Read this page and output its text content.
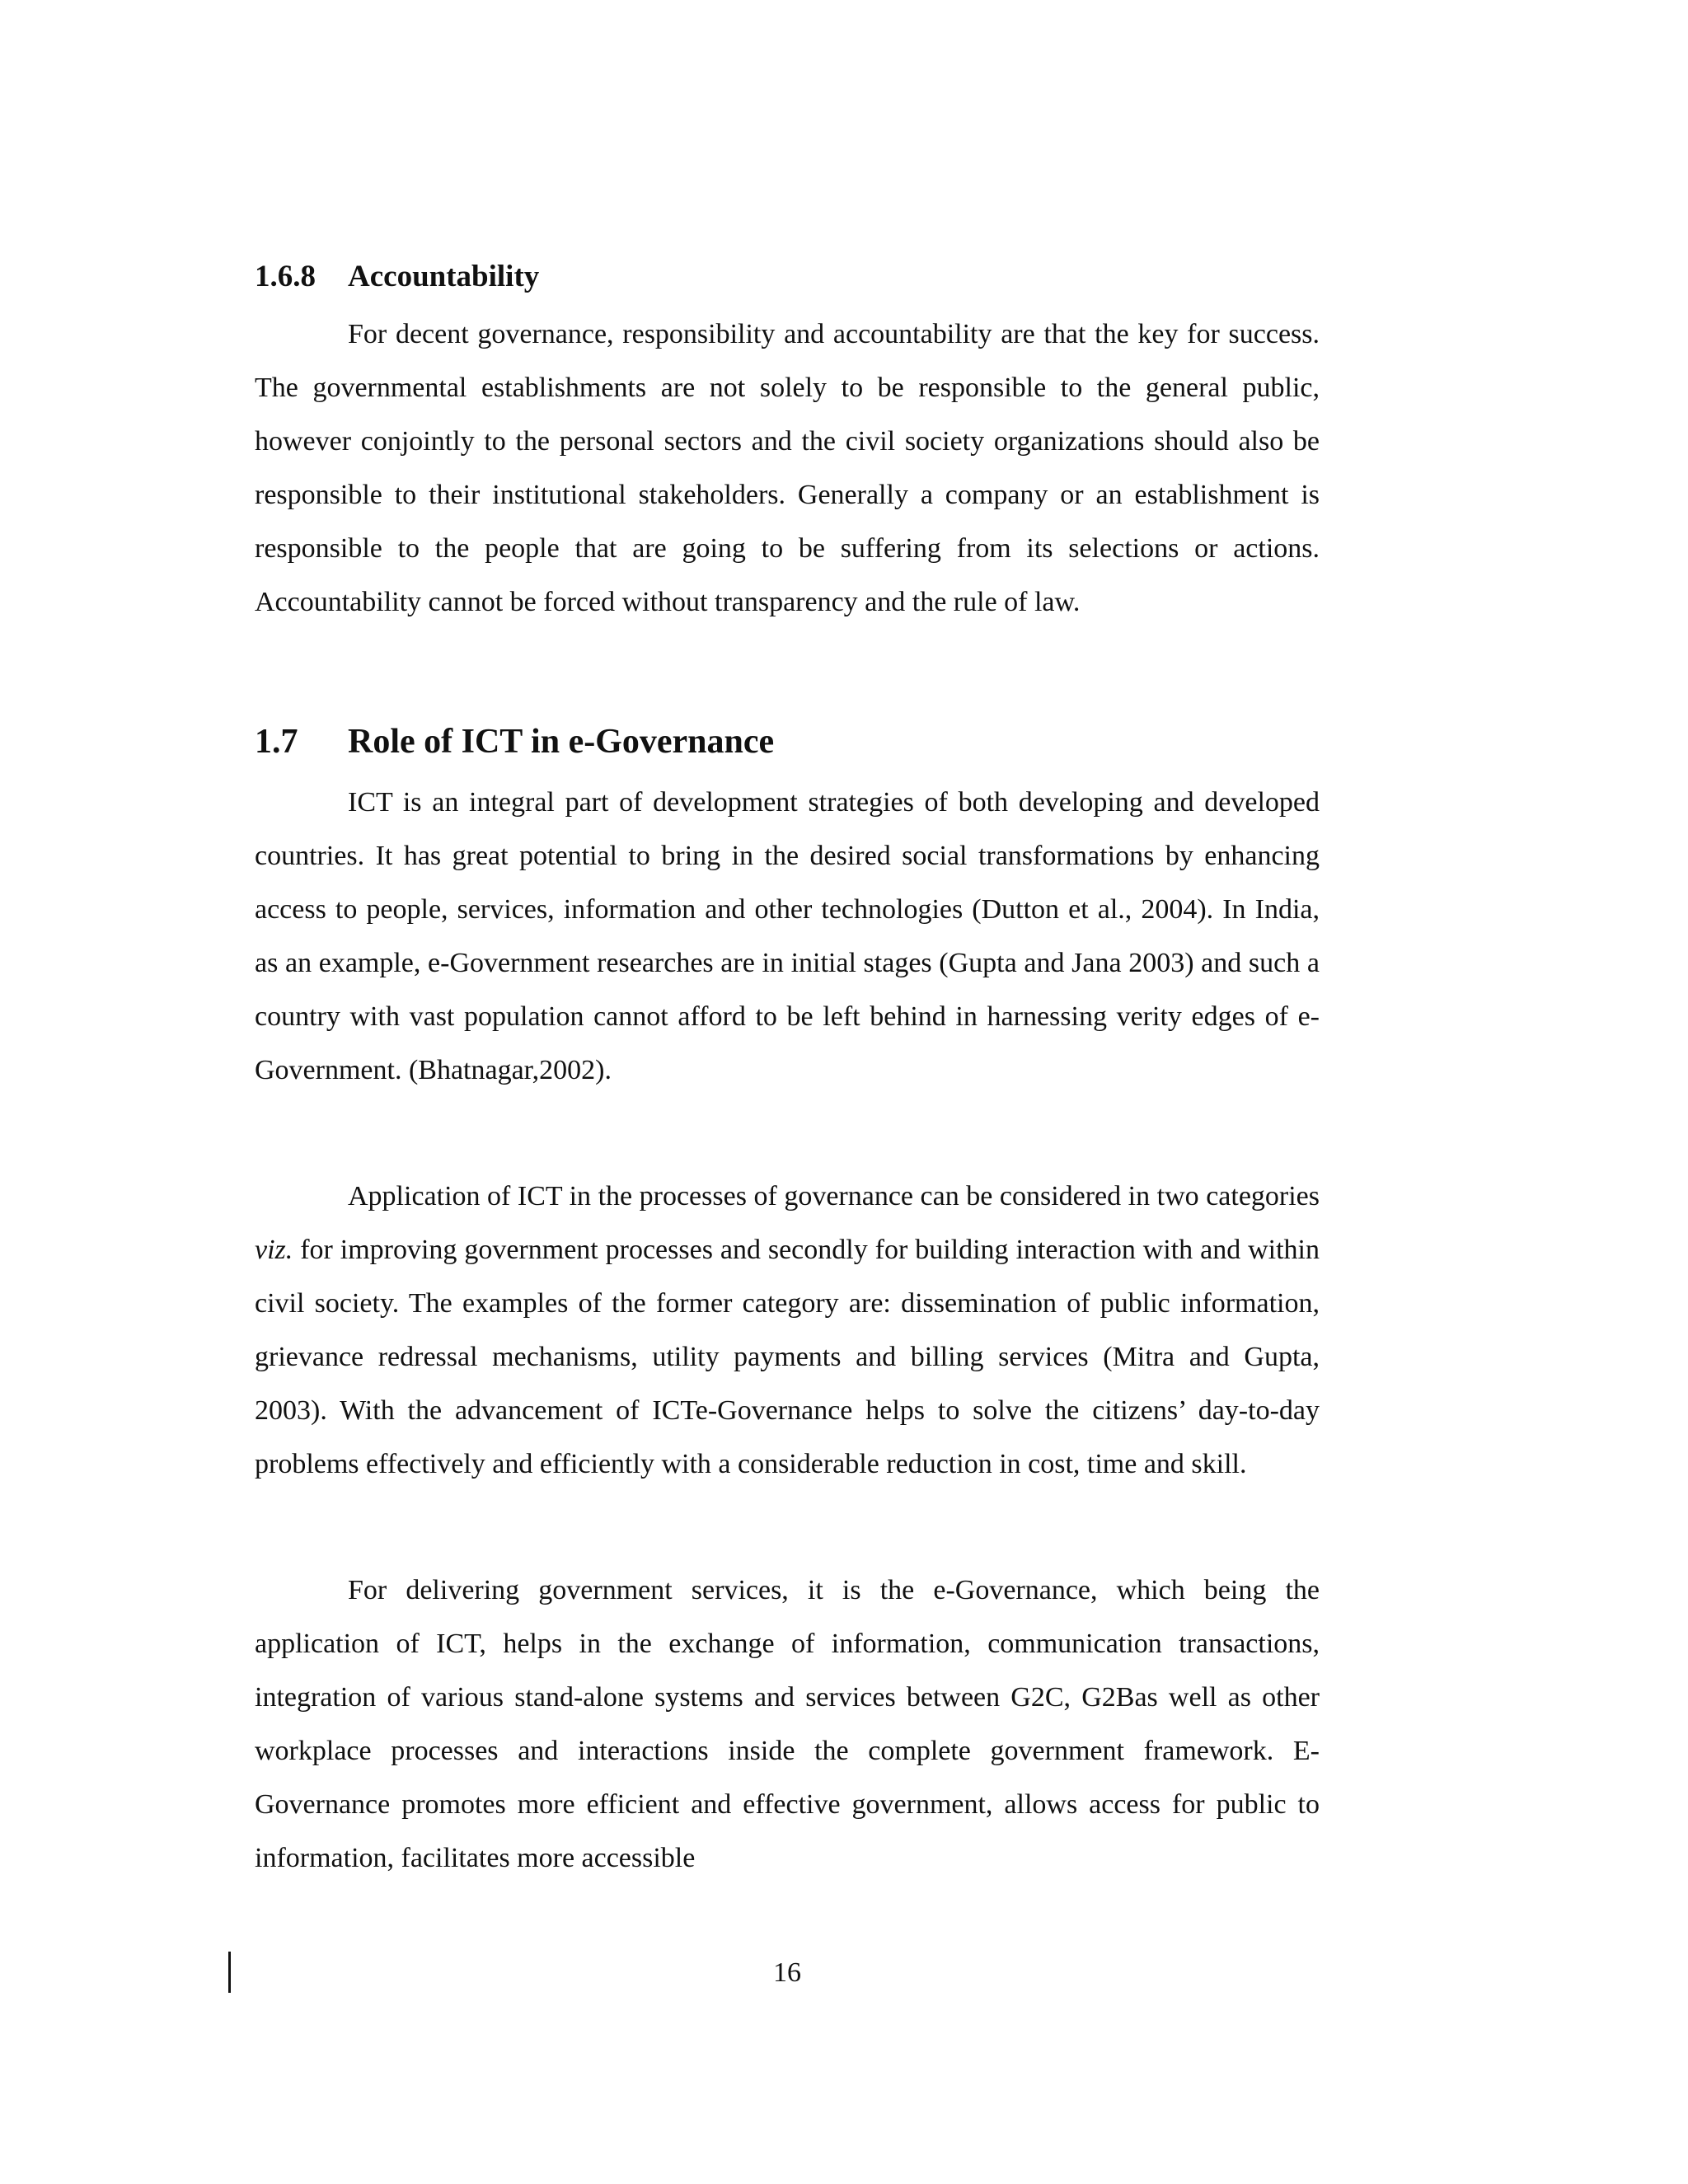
1.6.8 Accountability

For decent governance, responsibility and accountability are that the key for success. The governmental establishments are not solely to be responsible to the general public, however conjointly to the personal sectors and the civil society organizations should also be responsible to their institutional stakeholders. Generally a company or an establishment is responsible to the people that are going to be suffering from its selections or actions. Accountability cannot be forced without transparency and the rule of law.

1.7 Role of ICT in e-Governance

ICT is an integral part of development strategies of both developing and developed countries. It has great potential to bring in the desired social transformations by enhancing access to people, services, information and other technologies (Dutton et al., 2004). In India, as an example, e-Government researches are in initial stages (Gupta and Jana 2003) and such a country with vast population cannot afford to be left behind in harnessing verity edges of e-Government. (Bhatnagar,2002).

Application of ICT in the processes of governance can be considered in two categories viz. for improving government processes and secondly for building interaction with and within civil society. The examples of the former category are: dissemination of public information, grievance redressal mechanisms, utility payments and billing services (Mitra and Gupta, 2003). With the advancement of ICTe-Governance helps to solve the citizens’ day-to-day problems effectively and efficiently with a considerable reduction in cost, time and skill.

For delivering government services, it is the e-Governance, which being the application of ICT, helps in the exchange of information, communication transactions, integration of various stand-alone systems and services between G2C, G2Bas well as other workplace processes and interactions inside the complete government framework. E-Governance promotes more efficient and effective government, allows access for public to information, facilitates more accessible

16
